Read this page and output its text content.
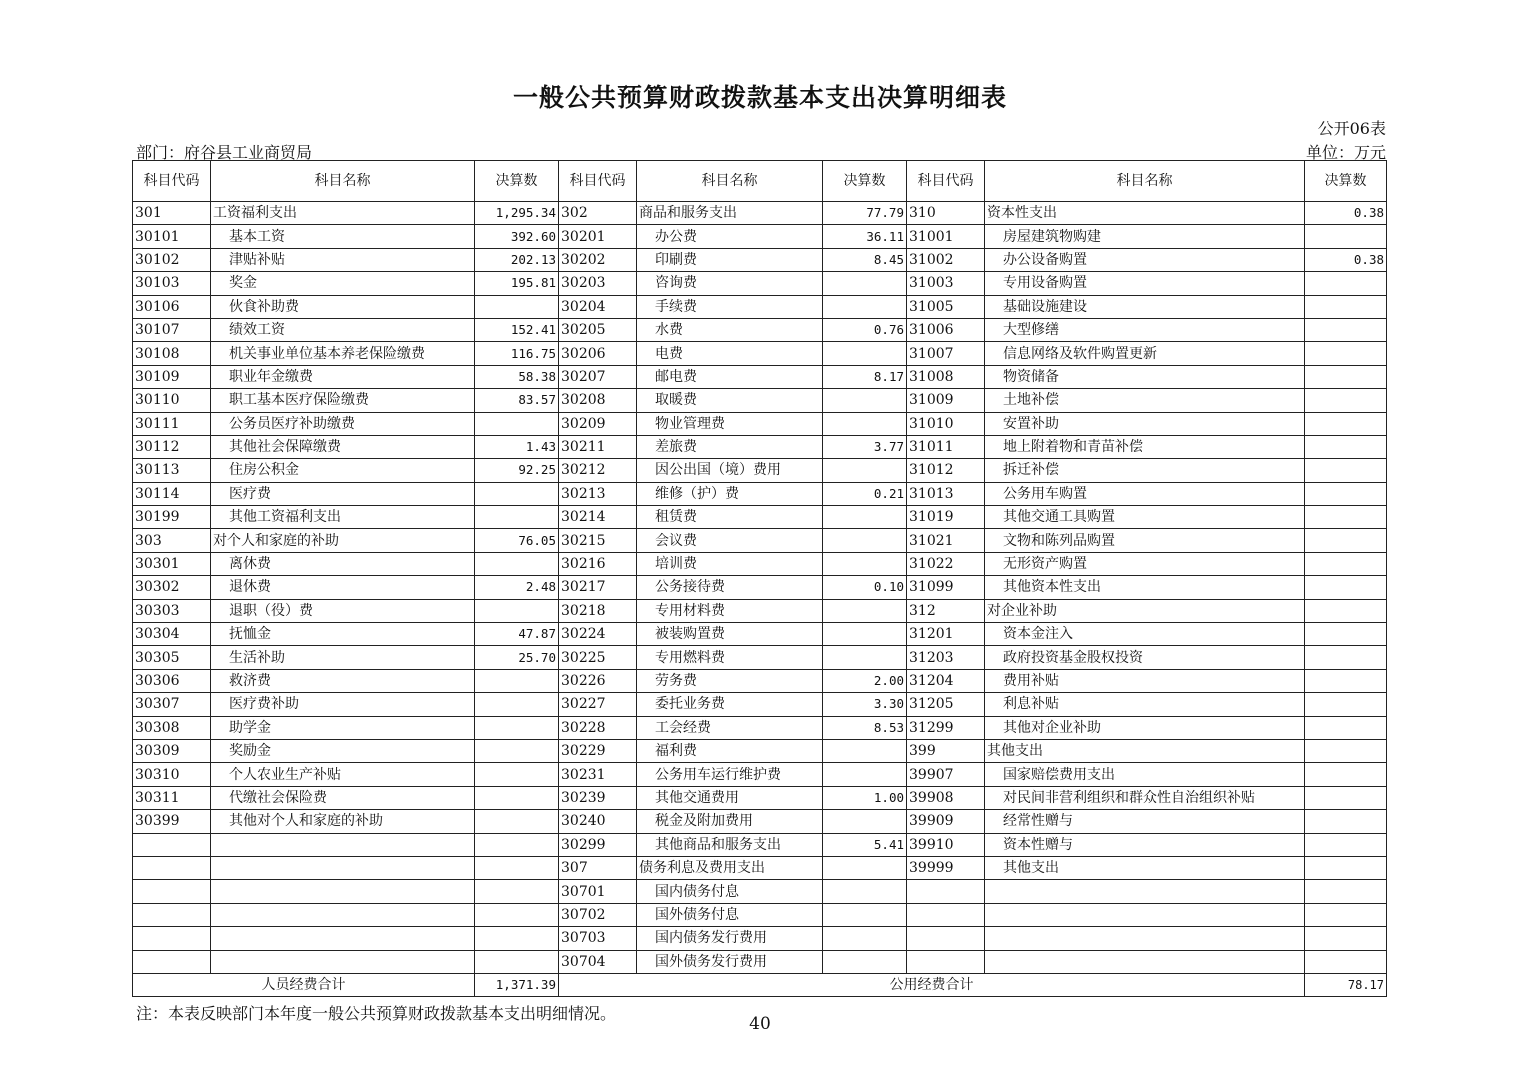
一般公共预算财政拨款基本支出决算明细表
公开06表
部门：府谷县工业商贸局	单位：万元
科目代码	科目名称	决算数	科目代码	科目名称	决算数	科目代码	科目名称	决算数
301	工资福利支出	1,295.34	302	商品和服务支出	77.79	310	资本性支出	0.38
30101	基本工资	392.60	30201	办公费	36.11	31001	房屋建筑物购建	
30102	津贴补贴	202.13	30202	印刷费	8.45	31002	办公设备购置	0.38
30103	奖金	195.81	30203	咨询费		31003	专用设备购置	
30106	伙食补助费		30204	手续费		31005	基础设施建设	
30107	绩效工资	152.41	30205	水费	0.76	31006	大型修缮	
30108	机关事业单位基本养老保险缴费	116.75	30206	电费		31007	信息网络及软件购置更新	
30109	职业年金缴费	58.38	30207	邮电费	8.17	31008	物资储备	
30110	职工基本医疗保险缴费	83.57	30208	取暖费		31009	土地补偿	
30111	公务员医疗补助缴费		30209	物业管理费		31010	安置补助	
30112	其他社会保障缴费	1.43	30211	差旅费	3.77	31011	地上附着物和青苗补偿	
30113	住房公积金	92.25	30212	因公出国（境）费用		31012	拆迁补偿	
30114	医疗费		30213	维修（护）费	0.21	31013	公务用车购置	
30199	其他工资福利支出		30214	租赁费		31019	其他交通工具购置	
303	对个人和家庭的补助	76.05	30215	会议费		31021	文物和陈列品购置	
30301	离休费		30216	培训费		31022	无形资产购置	
30302	退休费	2.48	30217	公务接待费	0.10	31099	其他资本性支出	
30303	退职（役）费		30218	专用材料费		312	对企业补助	
30304	抚恤金	47.87	30224	被装购置费		31201	资本金注入	
30305	生活补助	25.70	30225	专用燃料费		31203	政府投资基金股权投资	
30306	救济费		30226	劳务费	2.00	31204	费用补贴	
30307	医疗费补助		30227	委托业务费	3.30	31205	利息补贴	
30308	助学金		30228	工会经费	8.53	31299	其他对企业补助	
30309	奖励金		30229	福利费		399	其他支出	
30310	个人农业生产补贴		30231	公务用车运行维护费		39907	国家赔偿费用支出	
30311	代缴社会保险费		30239	其他交通费用	1.00	39908	对民间非营利组织和群众性自治组织补贴	
30399	其他对个人和家庭的补助		30240	税金及附加费用		39909	经常性赠与	
			30299	其他商品和服务支出	5.41	39910	资本性赠与	
			307	债务利息及费用支出		39999	其他支出	
			30701	国内债务付息				
			30702	国外债务付息				
			30703	国内债务发行费用				
			30704	国外债务发行费用				
人员经费合计		1,371.39	公用经费合计					78.17
注：本表反映部门本年度一般公共预算财政拨款基本支出明细情况。
40
